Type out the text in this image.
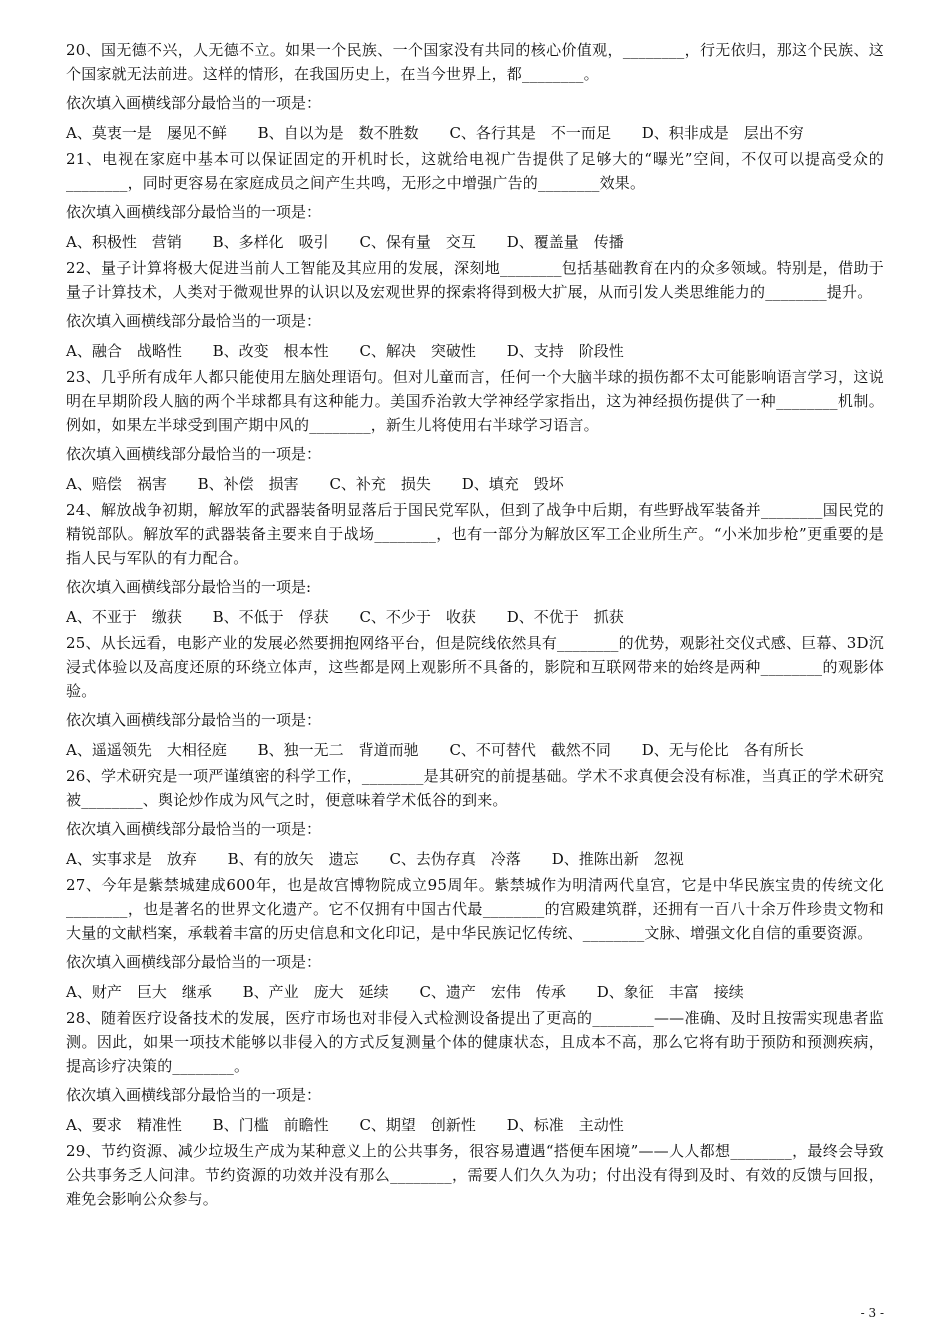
20、国无德不兴，人无德不立。如果一个民族、一个国家没有共同的核心价值观，________，行无依归，那这个民族、这个国家就无法前进。这样的情形，在我国历史上，在当今世界上，都________。

依次填入画横线部分最恰当的一项是：

A、莫衷一是　屡见不鲜 B、自以为是　数不胜数 C、各行其是　不一而足 D、积非成是　层出不穷

21、电视在家庭中基本可以保证固定的开机时长，这就给电视广告提供了足够大的“曝光”空间，不仅可以提高受众的________，同时更容易在家庭成员之间产生共鸣，无形之中增强广告的________效果。

依次填入画横线部分最恰当的一项是：

A、积极性　营销 B、多样化　吸引 C、保有量　交互 D、覆盖量　传播

22、量子计算将极大促进当前人工智能及其应用的发展，深刻地________包括基础教育在内的众多领域。特别是，借助于量子计算技术，人类对于微观世界的认识以及宏观世界的探索将得到极大扩展，从而引发人类思维能力的________提升。

依次填入画横线部分最恰当的一项是：

A、融合　战略性 B、改变　根本性 C、解决　突破性 D、支持　阶段性

23、几乎所有成年人都只能使用左脑处理语句。但对儿童而言，任何一个大脑半球的损伤都不太可能影响语言学习，这说明在早期阶段人脑的两个半球都具有这种能力。美国乔治敦大学神经学家指出，这为神经损伤提供了一种________机制。例如，如果左半球受到围产期中风的________，新生儿将使用右半球学习语言。

依次填入画横线部分最恰当的一项是：

A、赔偿　祸害 B、补偿　损害 C、补充　损失 D、填充　毁坏

24、解放战争初期，解放军的武器装备明显落后于国民党军队，但到了战争中后期，有些野战军装备并________国民党的精锐部队。解放军的武器装备主要来自于战场________，也有一部分为解放区军工企业所生产。“小米加步枪”更重要的是指人民与军队的有力配合。

依次填入画横线部分最恰当的一项是:

A、不亚于　缴获 B、不低于　俘获 C、不少于　收获 D、不优于　抓获

25、从长远看，电影产业的发展必然要拥抱网络平台，但是院线依然具有________的优势，观影社交仪式感、巨幕、3D沉浸式体验以及高度还原的环绕立体声，这些都是网上观影所不具备的，影院和互联网带来的始终是两种________的观影体验。

依次填入画横线部分最恰当的一项是：

A、遥遥领先　大相径庭 B、独一无二　背道而驰 C、不可替代　截然不同 D、无与伦比　各有所长

26、学术研究是一项严谨缜密的科学工作，________是其研究的前提基础。学术不求真便会没有标准，当真正的学术研究被________、舆论炒作成为风气之时，便意味着学术低谷的到来。

依次填入画横线部分最恰当的一项是：

A、实事求是　放弃 B、有的放矢　遗忘 C、去伪存真　冷落 D、推陈出新　忽视

27、今年是紫禁城建成600年，也是故宫博物院成立95周年。紫禁城作为明清两代皇宫，它是中华民族宝贵的传统文化________，也是著名的世界文化遗产。它不仅拥有中国古代最________的宫殿建筑群，还拥有一百八十余万件珍贵文物和大量的文献档案，承载着丰富的历史信息和文化印记，是中华民族记忆传统、________文脉、增强文化自信的重要资源。

依次填入画横线部分最恰当的一项是：

A、财产　巨大　继承 B、产业　庞大　延续 C、遗产　宏伟　传承 D、象征　丰富　接续

28、随着医疗设备技术的发展，医疗市场也对非侵入式检测设备提出了更高的________——准确、及时且按需实现患者监测。因此，如果一项技术能够以非侵入的方式反复测量个体的健康状态，且成本不高，那么它将有助于预防和预测疾病，提高诊疗决策的________。

依次填入画横线部分最恰当的一项是：

A、要求　精准性 B、门槛　前瞻性 C、期望　创新性 D、标准　主动性

29、节约资源、减少垃圾生产成为某种意义上的公共事务，很容易遭遇“搭便车困境”——人人都想________，最终会导致公共事务乏人问津。节约资源的功效并没有那么________，需要人们久久为功；付出没有得到及时、有效的反馈与回报，难免会影响公众参与。

- 3 -
